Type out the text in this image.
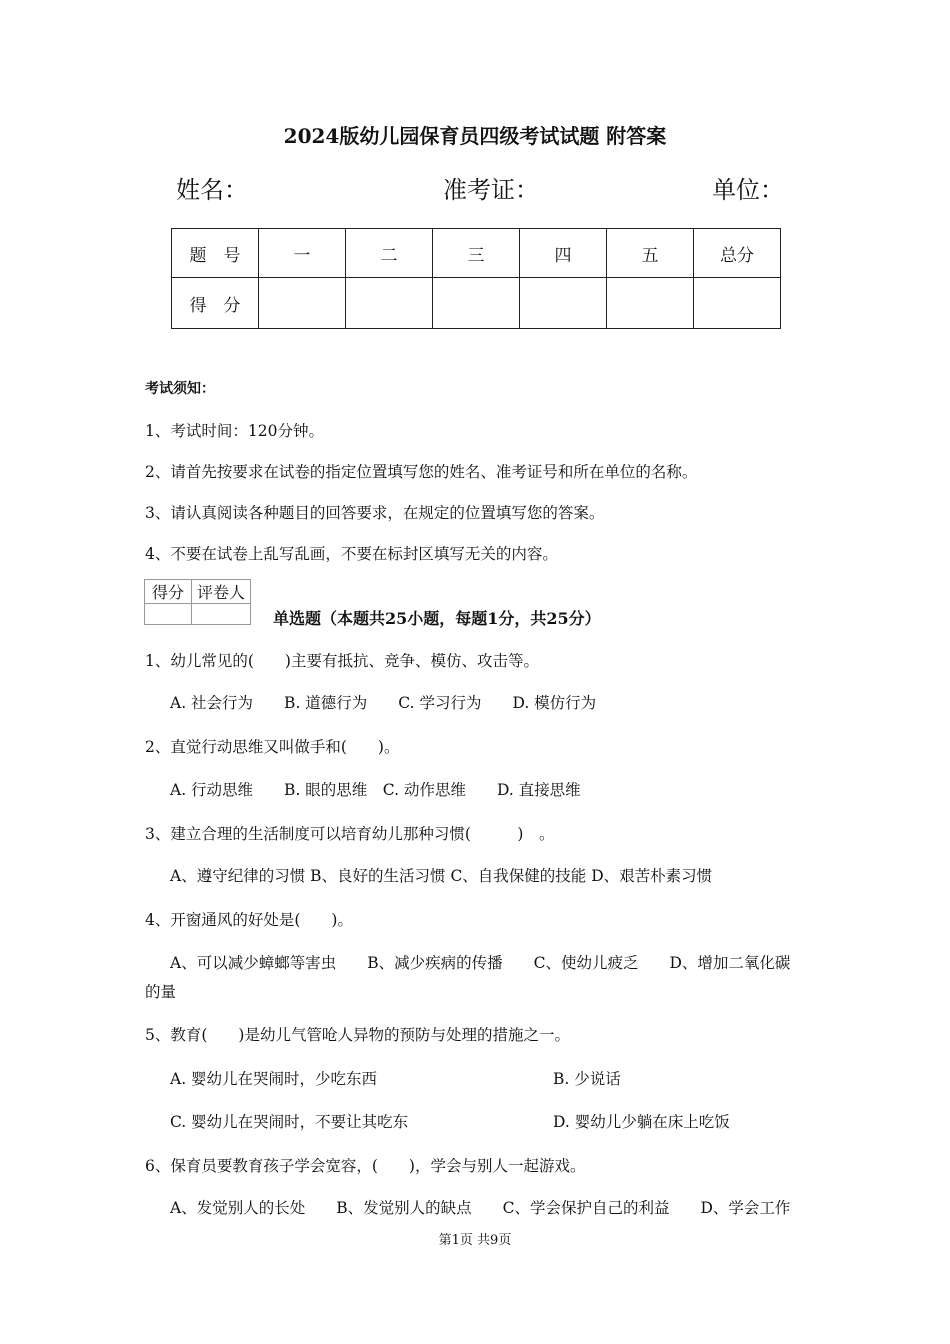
2024版幼儿园保育员四级考试试题 附答案
姓名：	准考证：	单位：
题　号	一	二	三	四	五	总分
得　分						
考试须知：
1、考试时间：120分钟。
2、请首先按要求在试卷的指定位置填写您的姓名、准考证号和所在单位的名称。
3、请认真阅读各种题目的回答要求，在规定的位置填写您的答案。
4、不要在试卷上乱写乱画，不要在标封区填写无关的内容。
得分	评卷人

单选题（本题共25小题，每题1分，共25分）
1、幼儿常见的(　　)主要有抵抗、竞争、模仿、攻击等。
A. 社会行为　　B. 道德行为　　C. 学习行为　　D. 模仿行为
2、直觉行动思维又叫做手和(　　)。
A. 行动思维　　B. 眼的思维　C. 动作思维　　D. 直接思维
3、建立合理的生活制度可以培育幼儿那种习惯(　　　)　。
A、遵守纪律的习惯 B、良好的生活习惯 C、自我保健的技能 D、艰苦朴素习惯
4、开窗通风的好处是(　　)。
A、可以减少蟑螂等害虫　　B、减少疾病的传播　　C、使幼儿疲乏　　D、增加二氧化碳
的量
5、教育(　　)是幼儿气管呛人异物的预防与处理的措施之一。
A. 婴幼儿在哭闹时，少吃东西	B. 少说话
C. 婴幼儿在哭闹时，不要让其吃东	D. 婴幼儿少躺在床上吃饭
6、保育员要教育孩子学会宽容，(　　)，学会与别人一起游戏。
A、发觉别人的长处　　B、发觉别人的缺点　　C、学会保护自己的利益　　D、学会工作
第1页 共9页
